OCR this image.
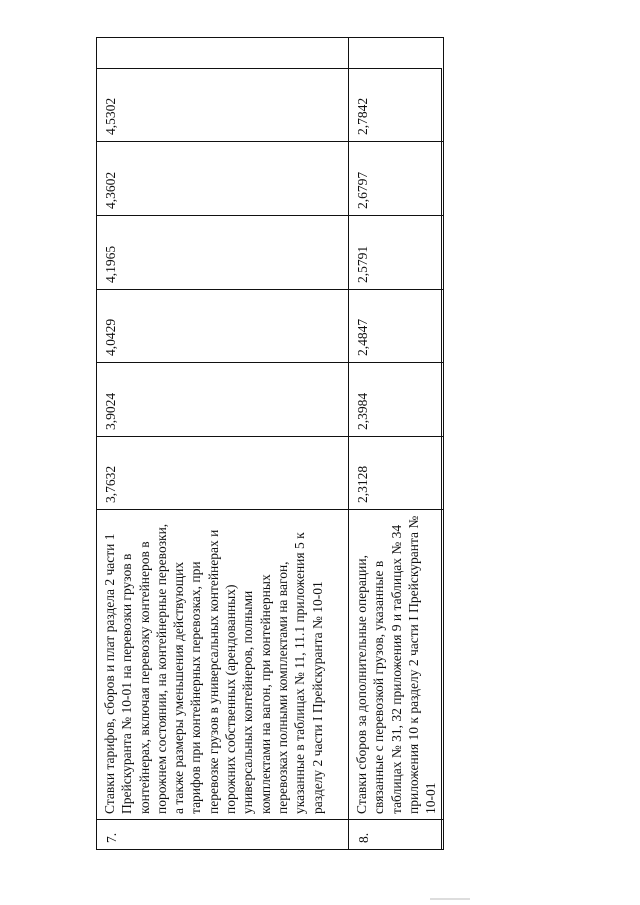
7.	Ставки тарифов, сборов и плат раздела 2 части 1 Прейскуранта № 10-01 на перевозки грузов в контейнерах, включая перевозку контейнеров в порожнем состоянии, на контейнерные перевозки, а также размеры уменьшения действующих тарифов при контейнерных перевозках, при перевозке грузов в универсальных контейнерах и порожних собственных (арендованных) универсальных контейнеров, полными комплектами на вагон, при контейнерных перевозках полными комплектами на вагон, указанные в таблицах № 11, 11.1 приложения 5 к разделу 2 части I Прейскуранта № 10-01	3,7632	3,9024	4,0429	4,1965	4,3602	4,5302
8.	Ставки сборов за дополнительные операции, связанные с перевозкой грузов, указанные в таблицах № 31, 32 приложения 9 и таблицах № 34 приложения 10 к разделу 2 части I Прейскуранта № 10-01	2,3128	2,3984	2,4847	2,5791	2,6797	2,7842
